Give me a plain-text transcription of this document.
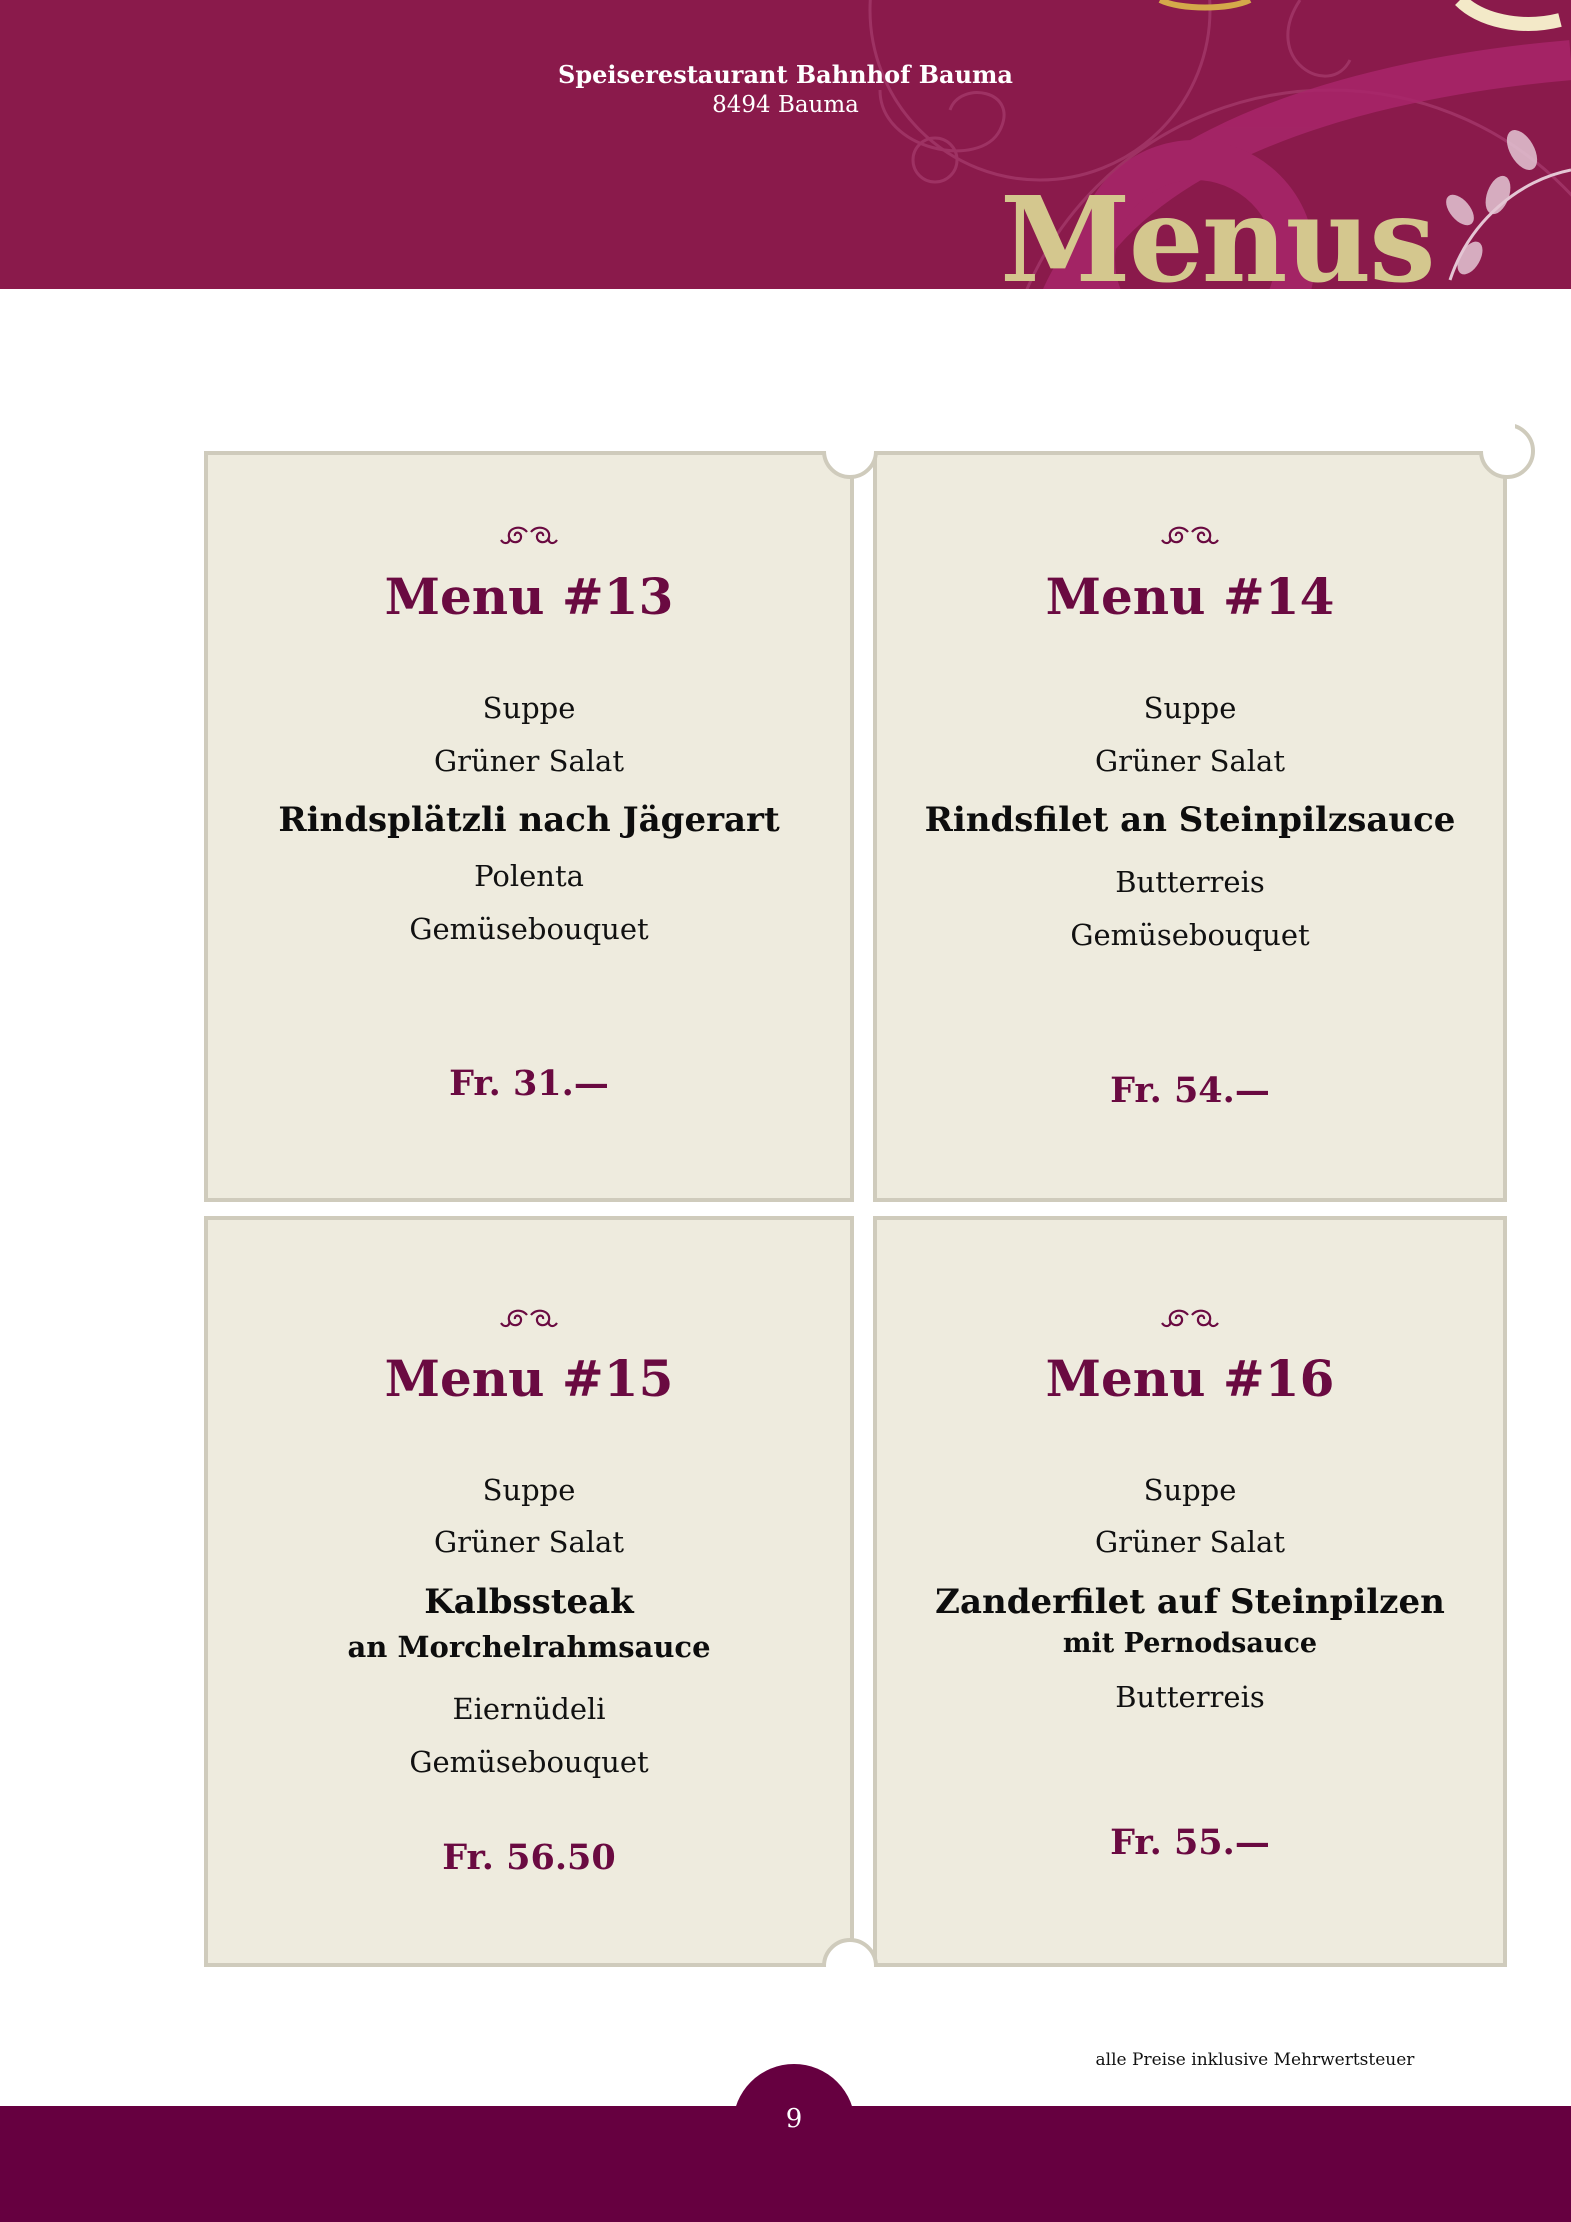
Speiserestaurant Bahnhof Bauma
8494 Bauma
Menus
Menu #13
Suppe
Grüner Salat
Rindsplätzli nach Jägerart
Polenta
Gemüsebouquet
Fr. 31.—
Menu #14
Suppe
Grüner Salat
Rindsfilet an Steinpilzsauce
Butterreis
Gemüsebouquet
Fr. 54.—
Menu #15
Suppe
Grüner Salat
Kalbssteak
an Morchelrahmsauce
Eiernüdeli
Gemüsebouquet
Fr. 56.50
Menu #16
Suppe
Grüner Salat
Zanderfilet auf Steinpilzen
mit Pernodsauce
Butterreis
Fr. 55.—
alle Preise inklusive Mehrwertsteuer
9
